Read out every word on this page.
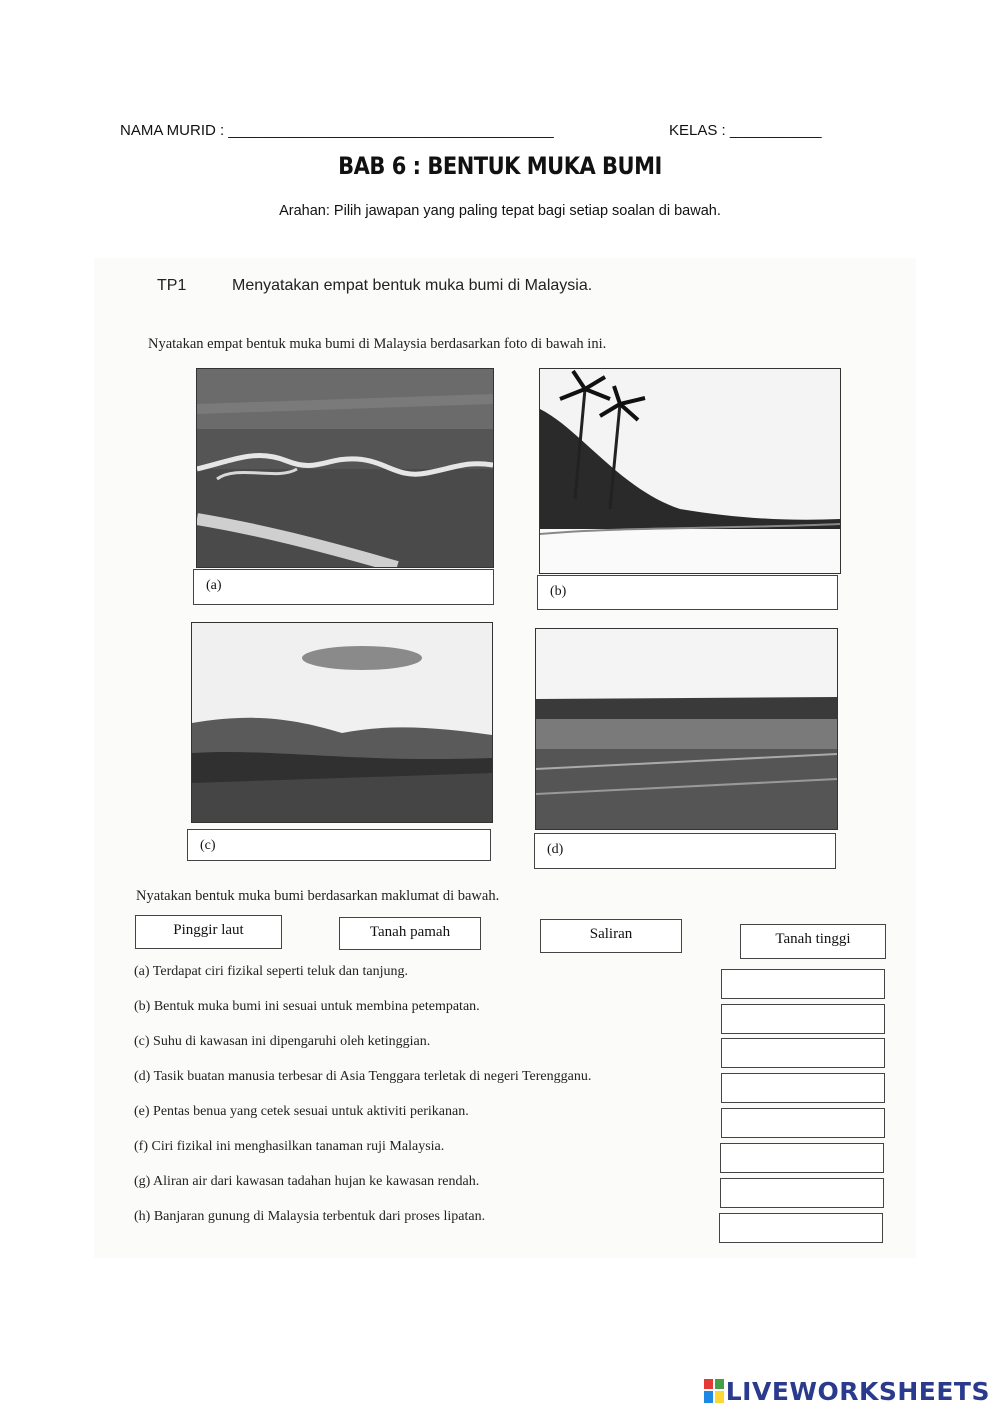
NAMA MURID : _______________________________________	KELAS : ___________
BAB 6 : BENTUK MUKA BUMI
Arahan: Pilih jawapan yang paling tepat bagi setiap soalan di bawah.
TP1	Menyatakan empat bentuk muka bumi di Malaysia.
Nyatakan empat bentuk muka bumi di Malaysia berdasarkan foto di bawah ini.
(a)	(b)
(c)	(d)
Nyatakan bentuk muka bumi berdasarkan maklumat di bawah.
Pinggir laut	Tanah pamah	Saliran	Tanah tinggi
(a) Terdapat ciri fizikal seperti teluk dan tanjung.
(b) Bentuk muka bumi ini sesuai untuk membina petempatan.
(c) Suhu di kawasan ini dipengaruhi oleh ketinggian.
(d) Tasik buatan manusia terbesar di Asia Tenggara terletak di negeri Terengganu.
(e) Pentas benua yang cetek sesuai untuk aktiviti perikanan.
(f) Ciri fizikal ini menghasilkan tanaman ruji Malaysia.
(g) Aliran air dari kawasan tadahan hujan ke kawasan rendah.
(h) Banjaran gunung di Malaysia terbentuk dari proses lipatan.
LIVEWORKSHEETS
